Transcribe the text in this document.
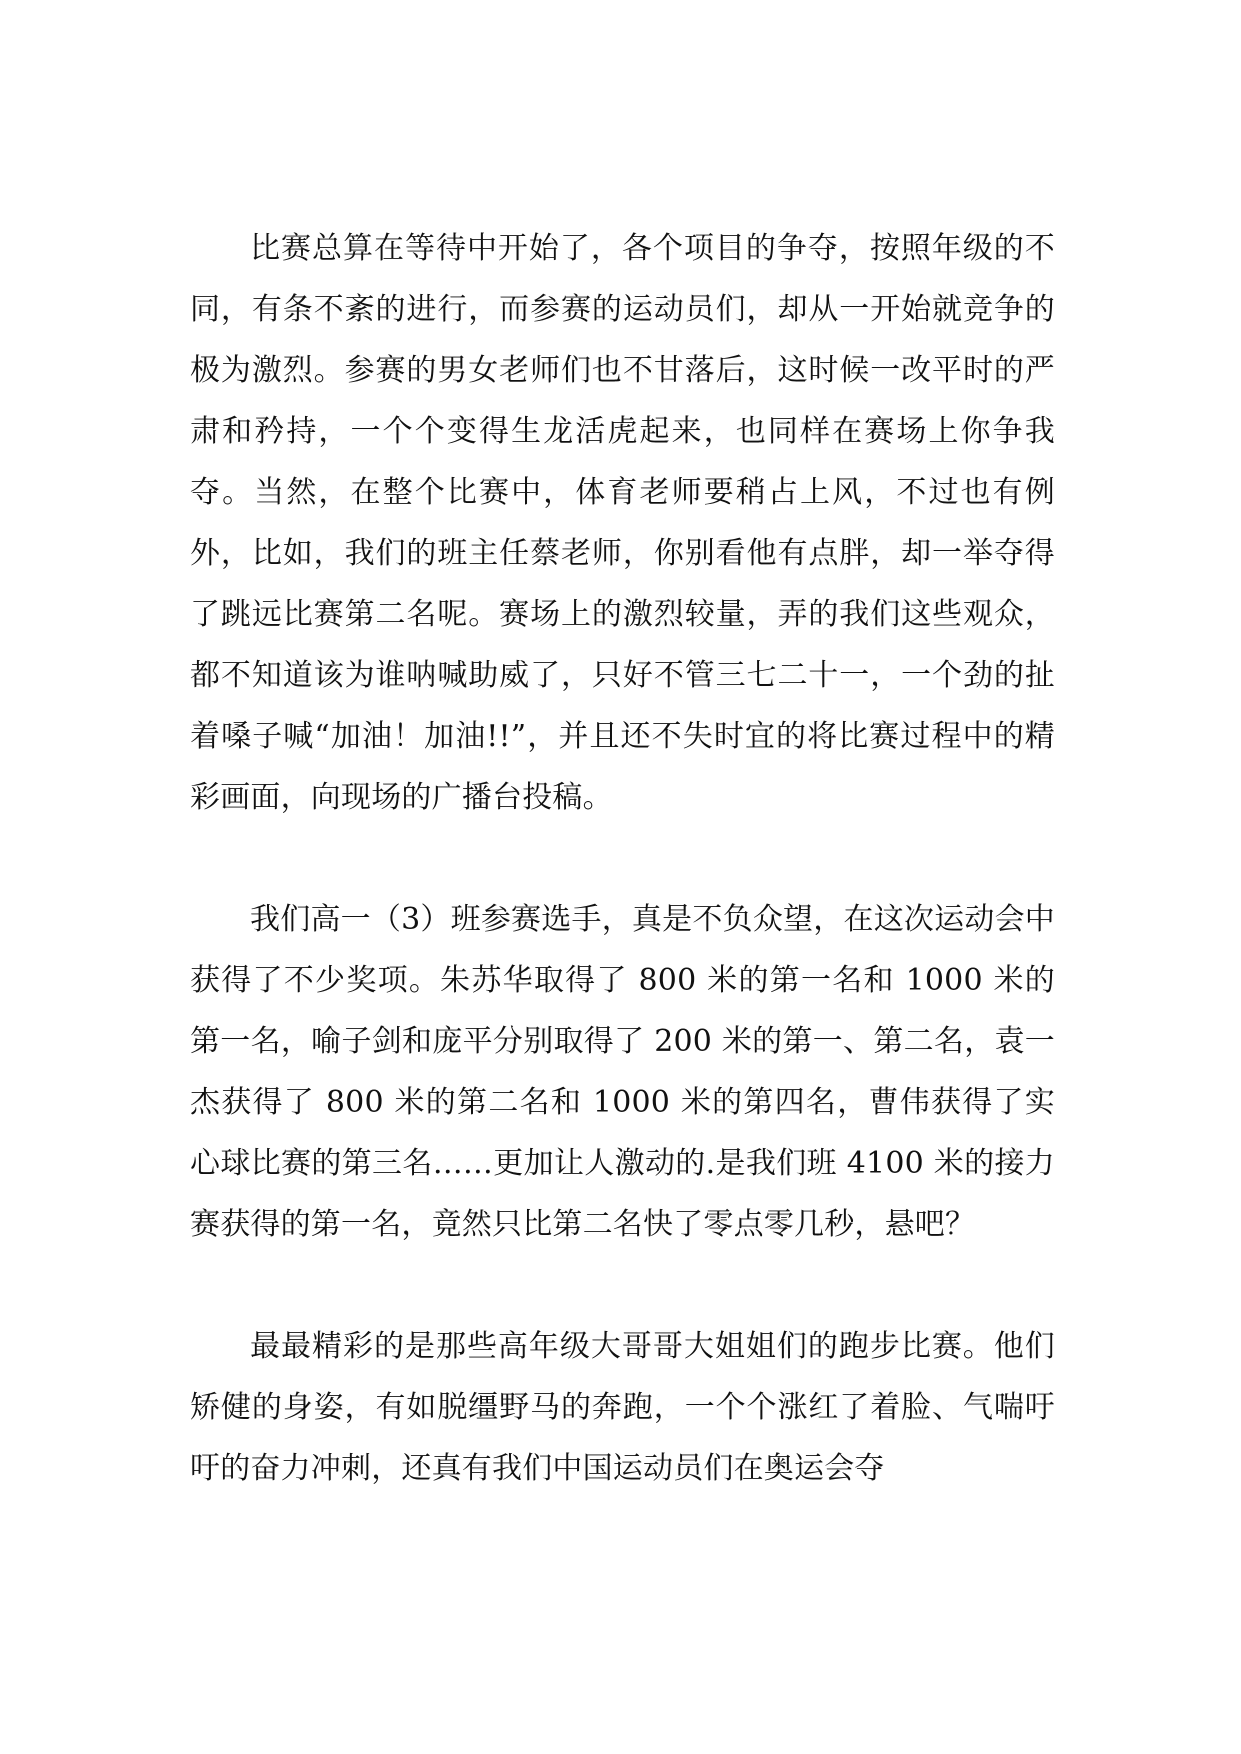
比赛总算在等待中开始了，各个项目的争夺，按照年级的不同，有条不紊的进行，而参赛的运动员们，却从一开始就竞争的极为激烈。参赛的男女老师们也不甘落后，这时候一改平时的严肃和矜持，一个个变得生龙活虎起来，也同样在赛场上你争我夺。当然，在整个比赛中，体育老师要稍占上风，不过也有例外，比如，我们的班主任蔡老师，你别看他有点胖，却一举夺得了跳远比赛第二名呢。赛场上的激烈较量，弄的我们这些观众，都不知道该为谁呐喊助威了，只好不管三七二十一，一个劲的扯着嗓子喊“加油！加油!!”，并且还不失时宜的将比赛过程中的精彩画面，向现场的广播台投稿。

我们高一（3）班参赛选手，真是不负众望，在这次运动会中获得了不少奖项。朱苏华取得了 800 米的第一名和 1000 米的第一名，喻子剑和庞平分别取得了 200 米的第一、第二名，袁一杰获得了 800 米的第二名和 1000 米的第四名，曹伟获得了实心球比赛的第三名……更加让人激动的.是我们班 4100 米的接力赛获得的第一名，竟然只比第二名快了零点零几秒，悬吧？

最最精彩的是那些高年级大哥哥大姐姐们的跑步比赛。他们矫健的身姿，有如脱缰野马的奔跑，一个个涨红了着脸、气喘吁吁的奋力冲刺，还真有我们中国运动员们在奥运会夺
